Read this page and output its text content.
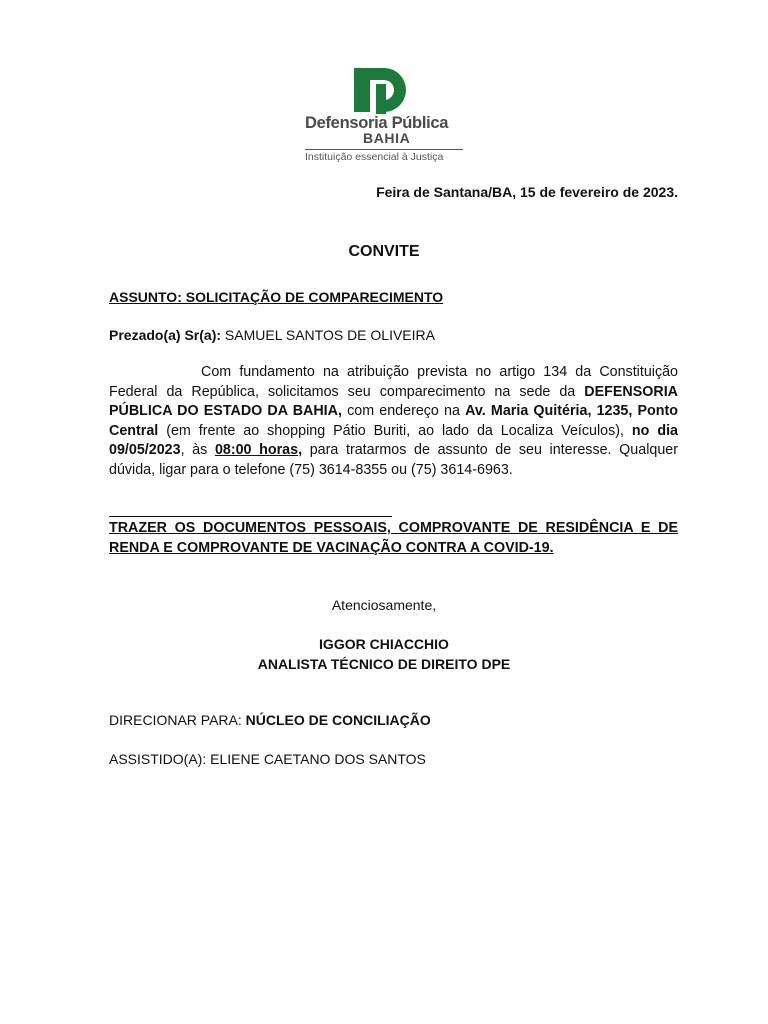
Defensoria Pública
BAHIA
Instituição essencial à Justiça
Feira de Santana/BA, 15 de fevereiro de 2023.
CONVITE
ASSUNTO: SOLICITAÇÃO DE COMPARECIMENTO
Prezado(a) Sr(a): SAMUEL SANTOS DE OLIVEIRA

Com fundamento na atribuição prevista no artigo 134 da Constituição Federal da República, solicitamos seu comparecimento na sede da DEFENSORIA PÚBLICA DO ESTADO DA BAHIA, com endereço na Av. Maria Quitéria, 1235, Ponto Central (em frente ao shopping Pátio Buriti, ao lado da Localiza Veículos), no dia 09/05/2023, às 08:00 horas, para tratarmos de assunto de seu interesse. Qualquer dúvida, ligar para o telefone (75) 3614-8355 ou (75) 3614-6963.

TRAZER OS DOCUMENTOS PESSOAIS, COMPROVANTE DE RESIDÊNCIA E DE RENDA E COMPROVANTE DE VACINAÇÃO CONTRA A COVID-19.

Atenciosamente,
IGGOR CHIACCHIO
ANALISTA TÉCNICO DE DIREITO DPE
DIRECIONAR PARA: NÚCLEO DE CONCILIAÇÃO
ASSISTIDO(A): ELIENE CAETANO DOS SANTOS
